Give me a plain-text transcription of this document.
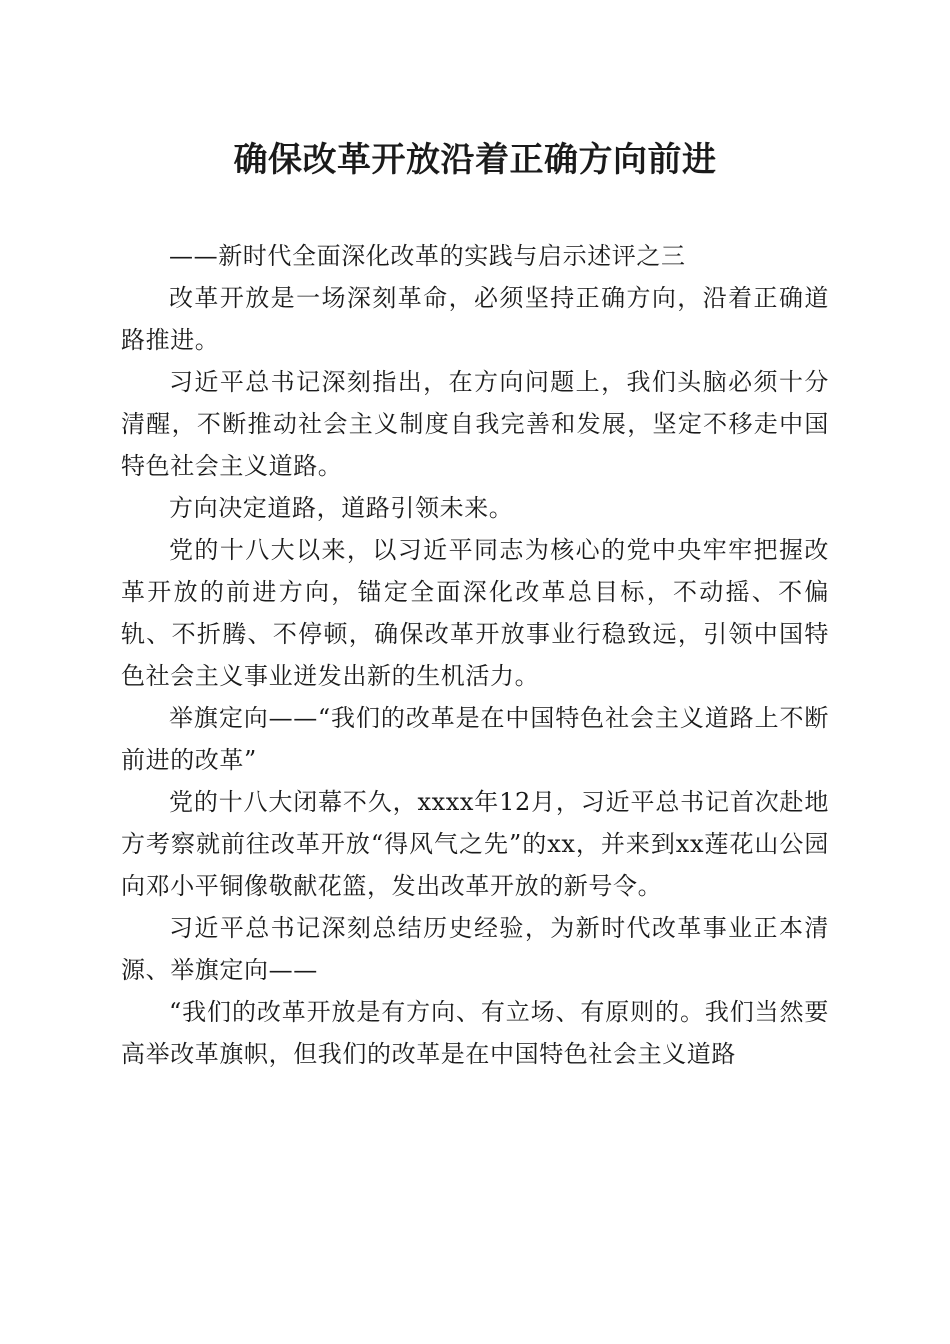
确保改革开放沿着正确方向前进

——新时代全面深化改革的实践与启示述评之三

改革开放是一场深刻革命，必须坚持正确方向，沿着正确道路推进。

习近平总书记深刻指出，在方向问题上，我们头脑必须十分清醒，不断推动社会主义制度自我完善和发展，坚定不移走中国特色社会主义道路。

方向决定道路，道路引领未来。

党的十八大以来，以习近平同志为核心的党中央牢牢把握改革开放的前进方向，锚定全面深化改革总目标，不动摇、不偏轨、不折腾、不停顿，确保改革开放事业行稳致远，引领中国特色社会主义事业迸发出新的生机活力。

举旗定向——“我们的改革是在中国特色社会主义道路上不断前进的改革”

党的十八大闭幕不久，xxxx年12月，习近平总书记首次赴地方考察就前往改革开放“得风气之先”的xx，并来到xx莲花山公园向邓小平铜像敬献花篮，发出改革开放的新号令。

习近平总书记深刻总结历史经验，为新时代改革事业正本清源、举旗定向——

“我们的改革开放是有方向、有立场、有原则的。我们当然要高举改革旗帜，但我们的改革是在中国特色社会主义道路
